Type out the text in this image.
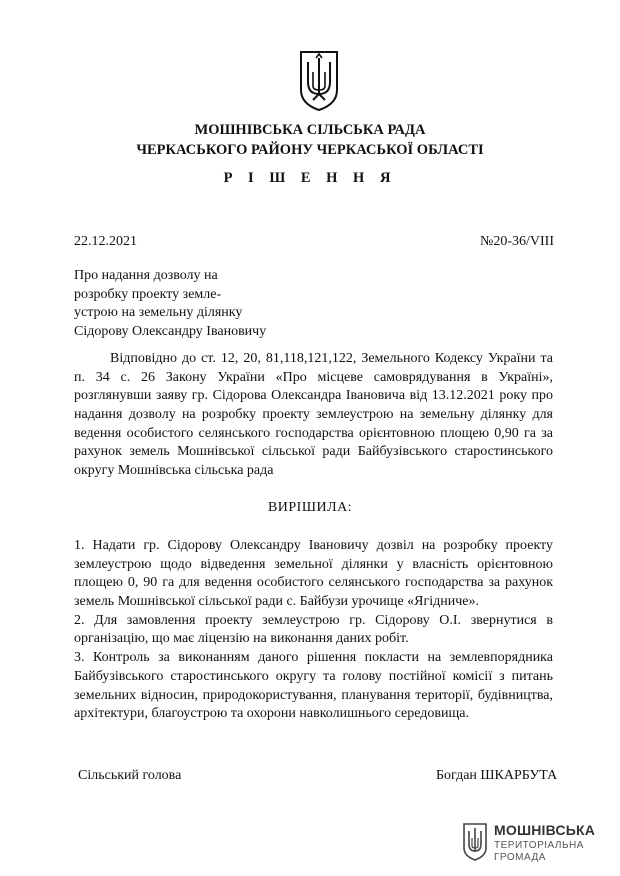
МОШНІВСЬКА СІЛЬСЬКА РАДА
ЧЕРКАСЬКОГО РАЙОНУ ЧЕРКАСЬКОЇ ОБЛАСТІ
Р І Ш Е Н Н Я
22.12.2021	№20-36/VIII
Про надання дозволу на
розробку проекту земле-
устрою на земельну ділянку
Сідорову Олександру Івановичу
Відповідно до ст. 12, 20, 81,118,121,122, Земельного Кодексу України та
п. 34 с. 26 Закону України «Про місцеве самоврядування в Україні»,
розглянувши заяву гр. Сідорова Олександра Івановича від 13.12.2021 року про
надання дозволу на розробку проекту землеустрою на земельну ділянку для
ведення особистого селянського господарства орієнтовною площею 0,90 га за
рахунок земель Мошнівської сільської ради Байбузівського старостинського
округу Мошнівська сільська рада
ВИРІШИЛА:
1. Надати гр. Сідорову Олександру Івановичу дозвіл на розробку проекту
землеустрою щодо відведення земельної ділянки у власність орієнтовною
площею 0, 90 га для ведення особистого селянського господарства за рахунок
земель Мошнівської сільської ради с. Байбузи урочище «Ягідниче».
2. Для замовлення проекту землеустрою гр. Сідорову О.І. звернутися в
організацію, що має ліцензію на виконання даних робіт.
3. Контроль за виконанням даного рішення покласти на землевпорядника
Байбузівського старостинського округу та голову постійної комісії з питань
земельних відносин, природокористування, планування території, будівництва,
архітектури, благоустрою та охорони навколишнього середовища.
Сільський голова	Богдан ШКАРБУТА
МОШНІВСЬКА
ТЕРИТОРІАЛЬНА
ГРОМАДА
